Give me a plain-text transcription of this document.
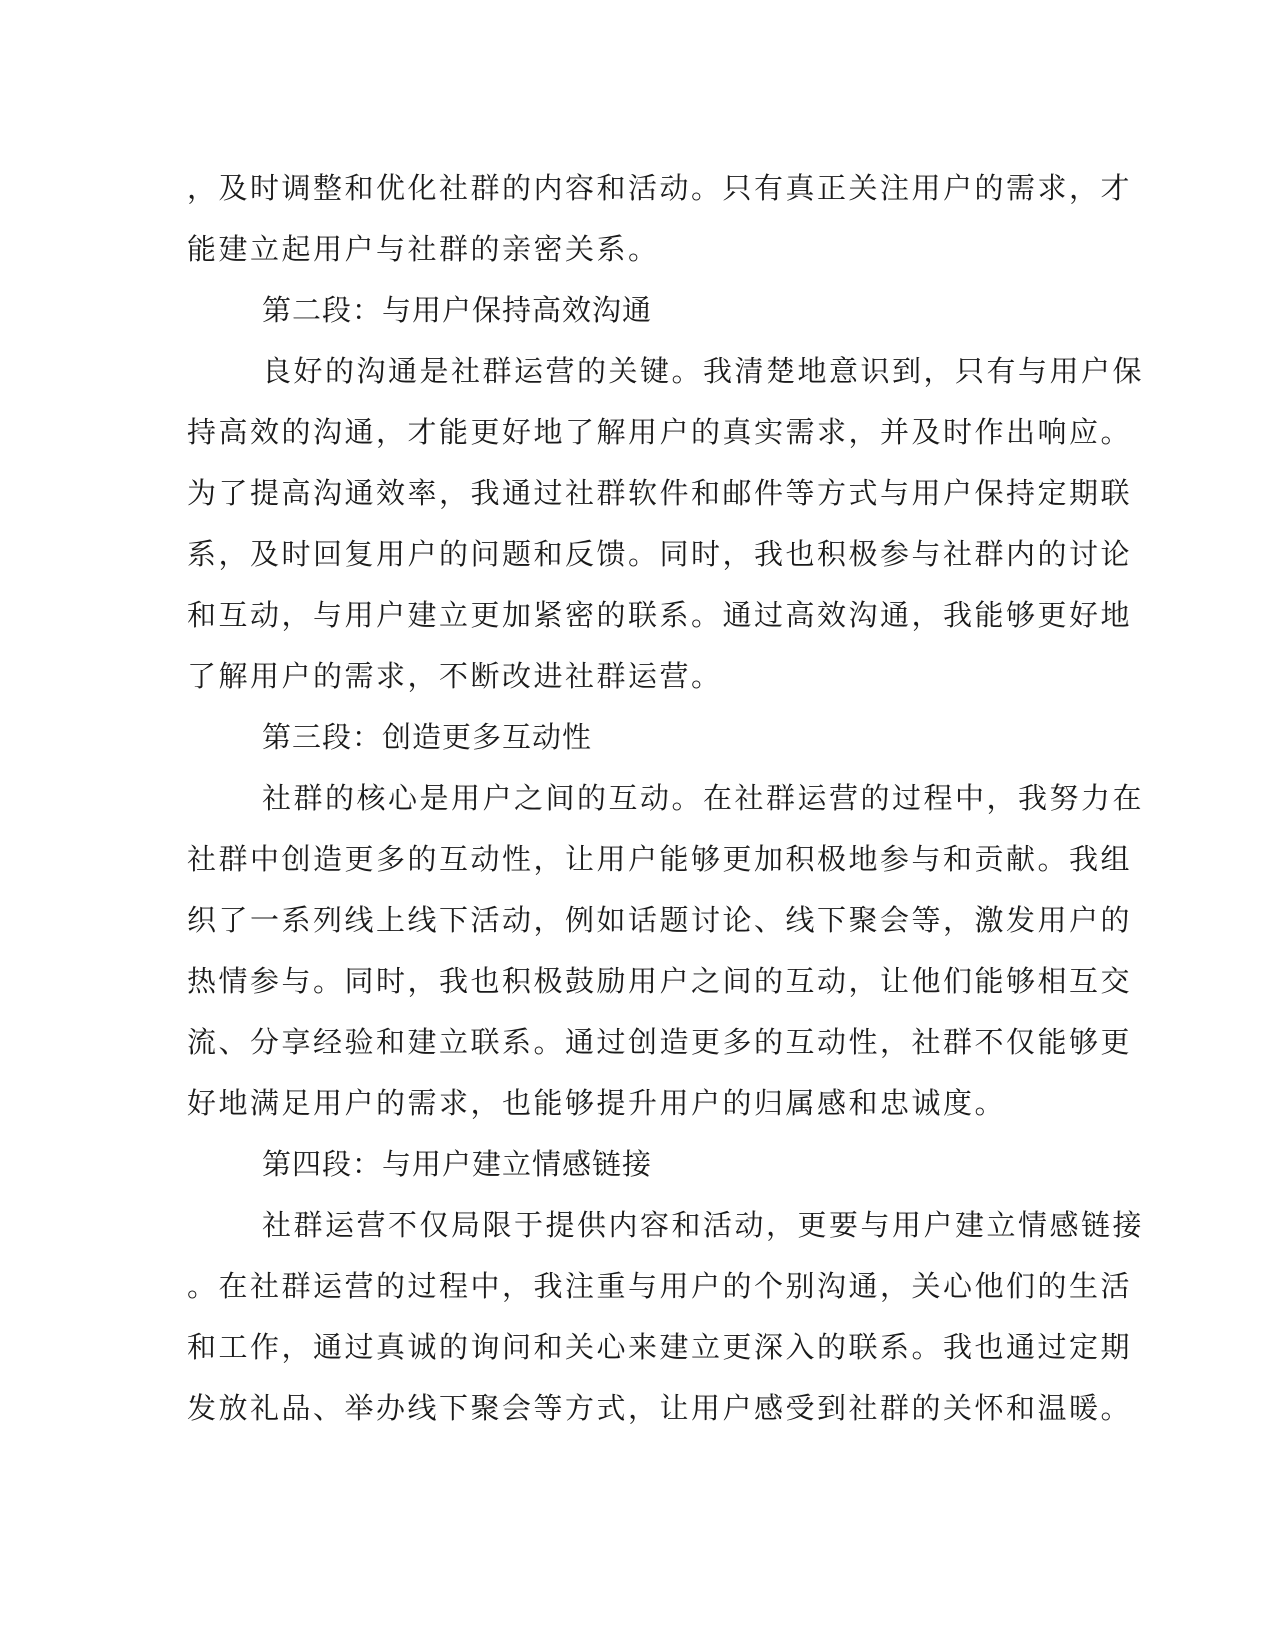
，及时调整和优化社群的内容和活动。只有真正关注用户的需求，才
能建立起用户与社群的亲密关系。
第二段：与用户保持高效沟通
良好的沟通是社群运营的关键。我清楚地意识到，只有与用户保
持高效的沟通，才能更好地了解用户的真实需求，并及时作出响应。
为了提高沟通效率，我通过社群软件和邮件等方式与用户保持定期联
系，及时回复用户的问题和反馈。同时，我也积极参与社群内的讨论
和互动，与用户建立更加紧密的联系。通过高效沟通，我能够更好地
了解用户的需求，不断改进社群运营。
第三段：创造更多互动性
社群的核心是用户之间的互动。在社群运营的过程中，我努力在
社群中创造更多的互动性，让用户能够更加积极地参与和贡献。我组
织了一系列线上线下活动，例如话题讨论、线下聚会等，激发用户的
热情参与。同时，我也积极鼓励用户之间的互动，让他们能够相互交
流、分享经验和建立联系。通过创造更多的互动性，社群不仅能够更
好地满足用户的需求，也能够提升用户的归属感和忠诚度。
第四段：与用户建立情感链接
社群运营不仅局限于提供内容和活动，更要与用户建立情感链接
。在社群运营的过程中，我注重与用户的个别沟通，关心他们的生活
和工作，通过真诚的询问和关心来建立更深入的联系。我也通过定期
发放礼品、举办线下聚会等方式，让用户感受到社群的关怀和温暖。
